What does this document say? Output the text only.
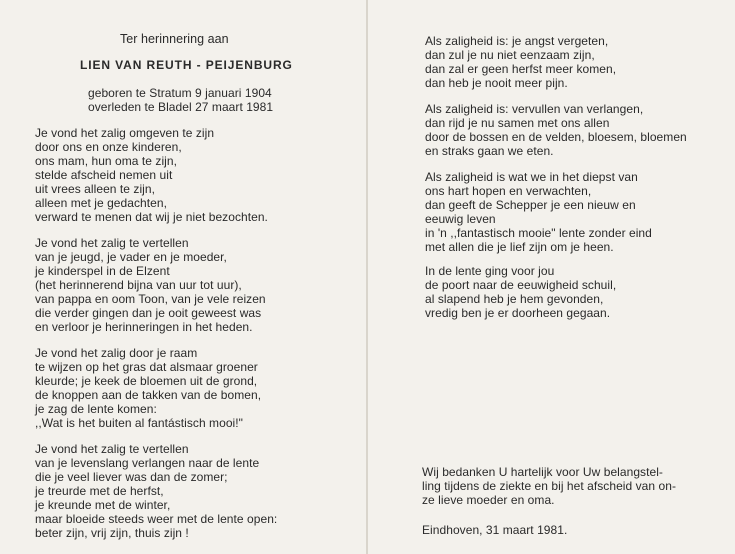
Ter herinnering aan
LIEN VAN REUTH - PEIJENBURG
geboren te Stratum 9 januari 1904
overleden te Bladel 27 maart 1981
Je vond het zalig omgeven te zijn
door ons en onze kinderen,
ons mam, hun oma te zijn,
stelde afscheid nemen uit
uit vrees alleen te zijn,
alleen met je gedachten,
verward te menen dat wij je niet bezochten.
Je vond het zalig te vertellen
van je jeugd, je vader en je moeder,
je kinderspel in de Elzent
(het herinnerend bijna van uur tot uur),
van pappa en oom Toon, van je vele reizen
die verder gingen dan je ooit geweest was
en verloor je herinneringen in het heden.
Je vond het zalig door je raam
te wijzen op het gras dat alsmaar groener
kleurde; je keek de bloemen uit de grond,
de knoppen aan de takken van de bomen,
je zag de lente komen:
,,Wat is het buiten al fantástisch mooi!"
Je vond het zalig te vertellen
van je levenslang verlangen naar de lente
die je veel liever was dan de zomer;
je treurde met de herfst,
je kreunde met de winter,
maar bloeide steeds weer met de lente open:
beter zijn, vrij zijn, thuis zijn !
Als zaligheid is: je angst vergeten,
dan zul je nu niet eenzaam zijn,
dan zal er geen herfst meer komen,
dan heb je nooit meer pijn.
Als zaligheid is: vervullen van verlangen,
dan rijd je nu samen met ons allen
door de bossen en de velden, bloesem, bloemen
en straks gaan we eten.
Als zaligheid is wat we in het diepst van
ons hart hopen en verwachten,
dan geeft de Schepper je een nieuw en
eeuwig leven
in 'n ,,fantastisch mooie" lente zonder eind
met allen die je lief zijn om je heen.
In de lente ging voor jou
de poort naar de eeuwigheid schuil,
al slapend heb je hem gevonden,
vredig ben je er doorheen gegaan.
Wij bedanken U hartelijk voor Uw belangstel-
ling tijdens de ziekte en bij het afscheid van on-
ze lieve moeder en oma.
Eindhoven, 31 maart 1981.
